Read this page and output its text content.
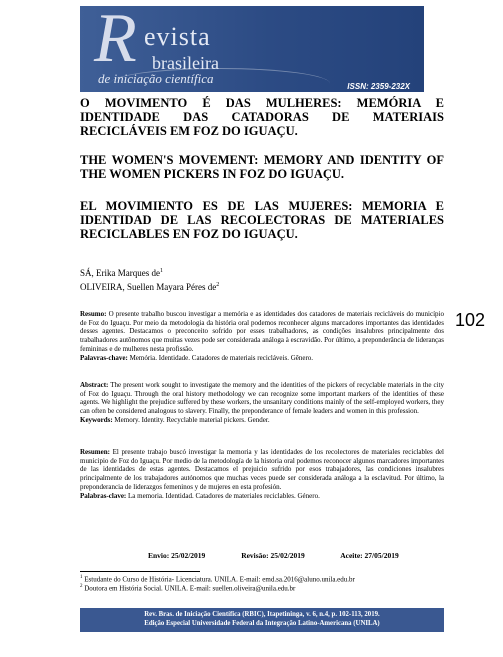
R evista
brasileira
de iniciação científica
ISSN: 2359-232X
O MOVIMENTO É DAS MULHERES: MEMÓRIA E IDENTIDADE DAS CATADORAS DE MATERIAIS RECICLÁVEIS EM FOZ DO IGUAÇU.
THE WOMEN'S MOVEMENT: MEMORY AND IDENTITY OF THE WOMEN PICKERS IN FOZ DO IGUAÇU.
EL MOVIMIENTO ES DE LAS MUJERES: MEMORIA E IDENTIDAD DE LAS RECOLECTORAS DE MATERIALES RECICLABLES EN FOZ DO IGUAÇU.
SÁ, Erika Marques $de^1$
OLIVEIRA, Suellen Mayara Péres $de^2$
102
Resumo: O presente trabalho buscou investigar a memória e as identidades dos catadores de materiais recicláveis do município de Foz do Iguaçu. Por meio da metodologia da história oral podemos reconhecer alguns marcadores importantes das identidades desses agentes. Destacamos o preconceito sofrido por esses trabalhadores, as condições insalubres principalmente dos trabalhadores autônomos que muitas vezes pode ser considerada análoga à escravidão. Por último, a preponderância de lideranças femininas e de mulheres nesta profissão.
Palavras-chave: Memória. Identidade. Catadores de materiais recicláveis. Gênero.
Abstract: The present work sought to investigate the memory and the identities of the pickers of recyclable materials in the city of Foz do Iguaçu. Through the oral history methodology we can recognize some important markers of the identities of these agents. We highlight the prejudice suffered by these workers, the unsanitary conditions mainly of the self-employed workers, they can often be considered analogous to slavery. Finally, the preponderance of female leaders and women in this profession.
Keywords: Memory. Identity. Recyclable material pickers. Gender.
Resumen: El presente trabajo buscó investigar la memoria y las identidades de los recolectores de materiales reciclables del municipio de Foz do Iguaçu. Por medio de la metodología de la historia oral podemos reconocer algunos marcadores importantes de las identidades de estas agentes. Destacamos el prejuicio sufrido por esos trabajadores, las condiciones insalubres principalmente de los trabajadores autónomos que muchas veces puede ser considerada análoga a la esclavitud. Por último, la preponderancia de liderazgos femeninos y de mujeres en esta profesión.
Palabras-clave: La memoria. Identidad. Catadores de materiales reciclables. Género.
Envio: 25/02/2019	Revisão: 25/02/2019	Aceite: 27/05/2019
$^1$ Estudante do Curso de História- Licenciatura. UNILA. E-mail: emd.sa.2016@aluno.unila.edu.br
$^2$ Doutora em História Social. UNILA. E-mail: suellen.oliveira@unila.edu.br
Rev. Bras. de Iniciação Científica (RBIC), Itapetininga, v. 6, n.4, p. 102-113, 2019.
Edição Especial Universidade Federal da Integração Latino-Americana (UNILA)
